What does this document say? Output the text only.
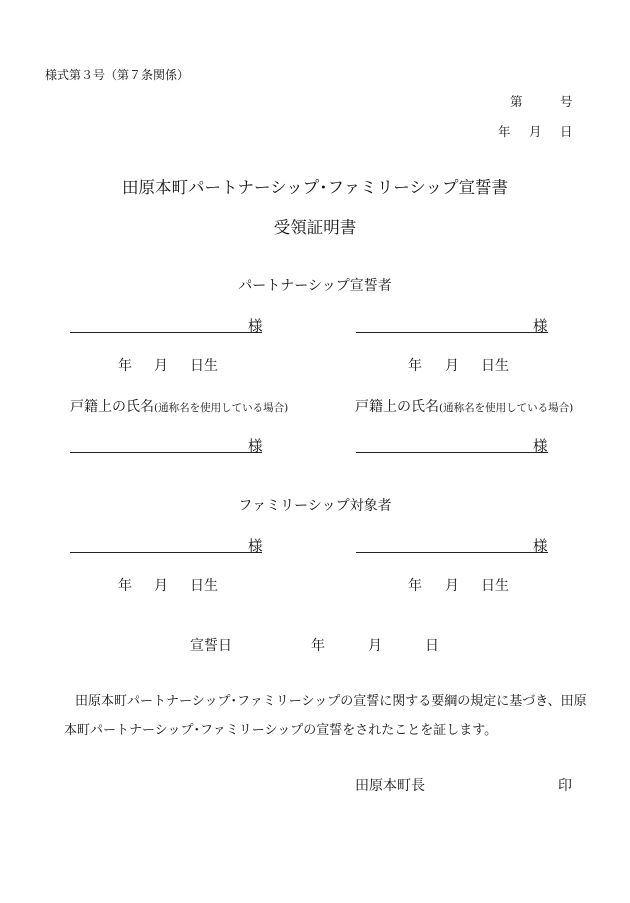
様式第３号（第７条関係）
第	号
年 月 日
田原本町パートナーシップ･ファミリーシップ宣誓書
受領証明書
パートナーシップ宣誓者
様	様
年 月 日生	年 月 日生
戸籍上の氏名(通称名を使用している場合)	戸籍上の氏名(通称名を使用している場合)
様	様
ファミリーシップ対象者
様	様
年 月 日生	年 月 日生
宣誓日	年	月	日
田原本町パートナーシップ･ファミリーシップの宣誓に関する要綱の規定に基づき、田原
本町パートナーシップ･ファミリーシップの宣誓をされたことを証します。
田原本町長	印
